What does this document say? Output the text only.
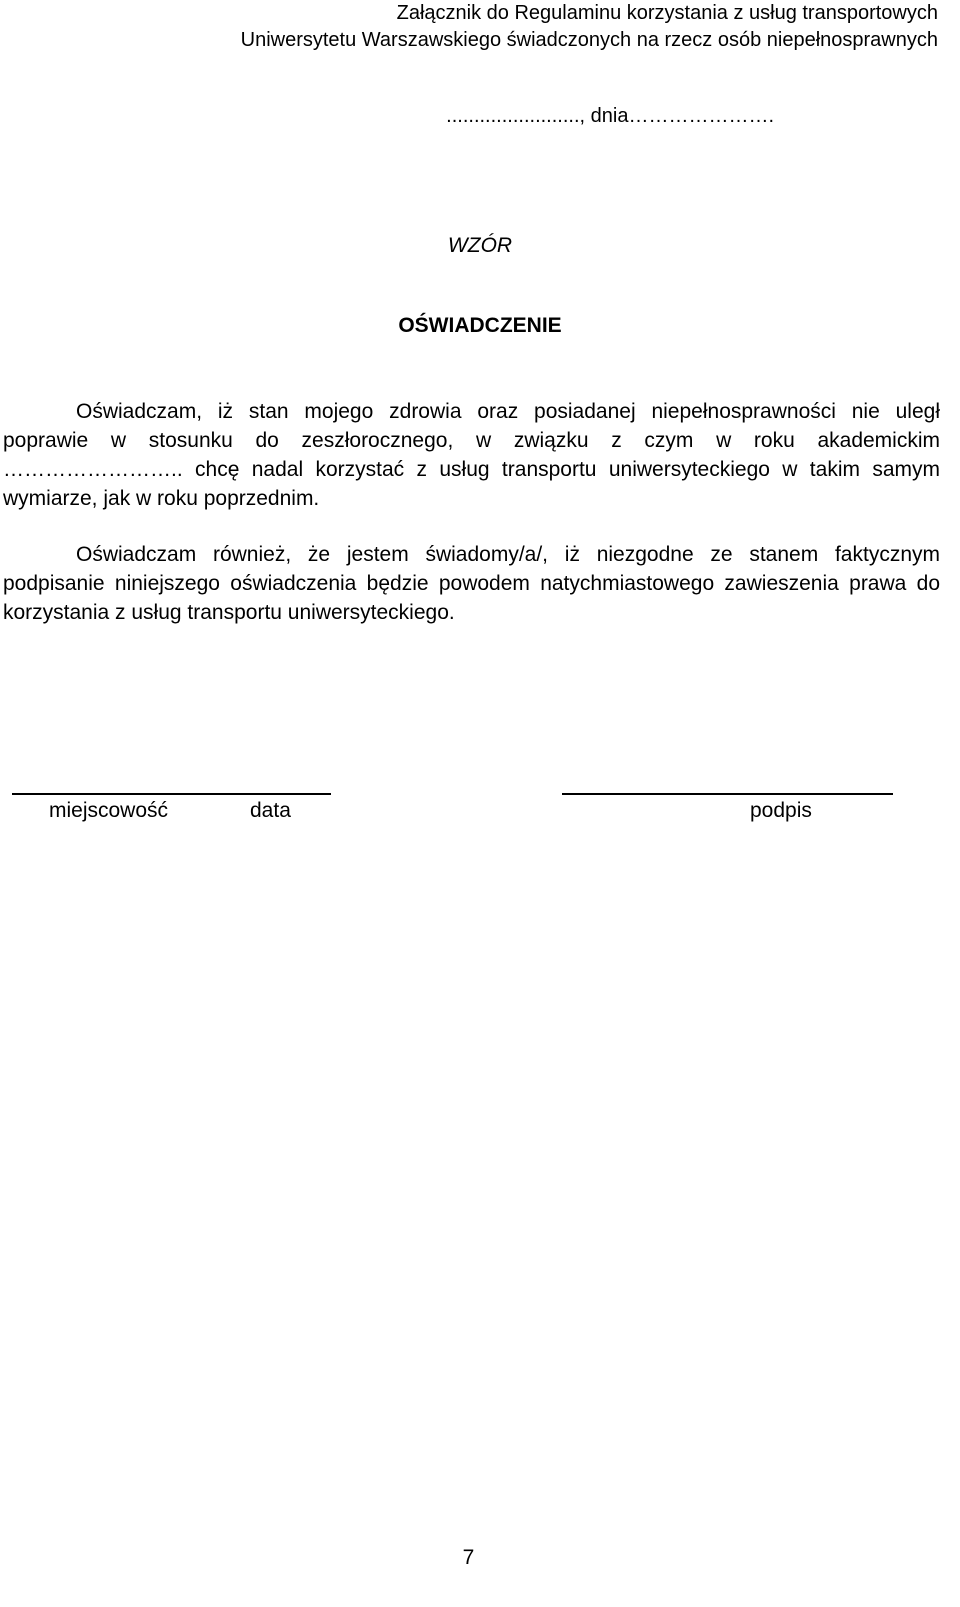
Załącznik do Regulaminu korzystania z usług transportowych
Uniwersytetu Warszawskiego świadczonych na rzecz osób niepełnosprawnych
........................, dnia………………….
WZÓR
OŚWIADCZENIE

Oświadczam, iż stan mojego zdrowia oraz posiadanej niepełnosprawności nie uległ poprawie w stosunku do zeszłorocznego, w związku z czym w roku akademickim …………………….. chcę nadal korzystać z usług transportu uniwersyteckiego w takim samym wymiarze, jak w roku poprzednim.

Oświadczam również, że jestem świadomy/a/, iż niezgodne ze stanem faktycznym podpisanie niniejszego oświadczenia będzie powodem natychmiastowego zawieszenia prawa do korzystania z usług transportu uniwersyteckiego.

miejscowość	data	podpis
7
